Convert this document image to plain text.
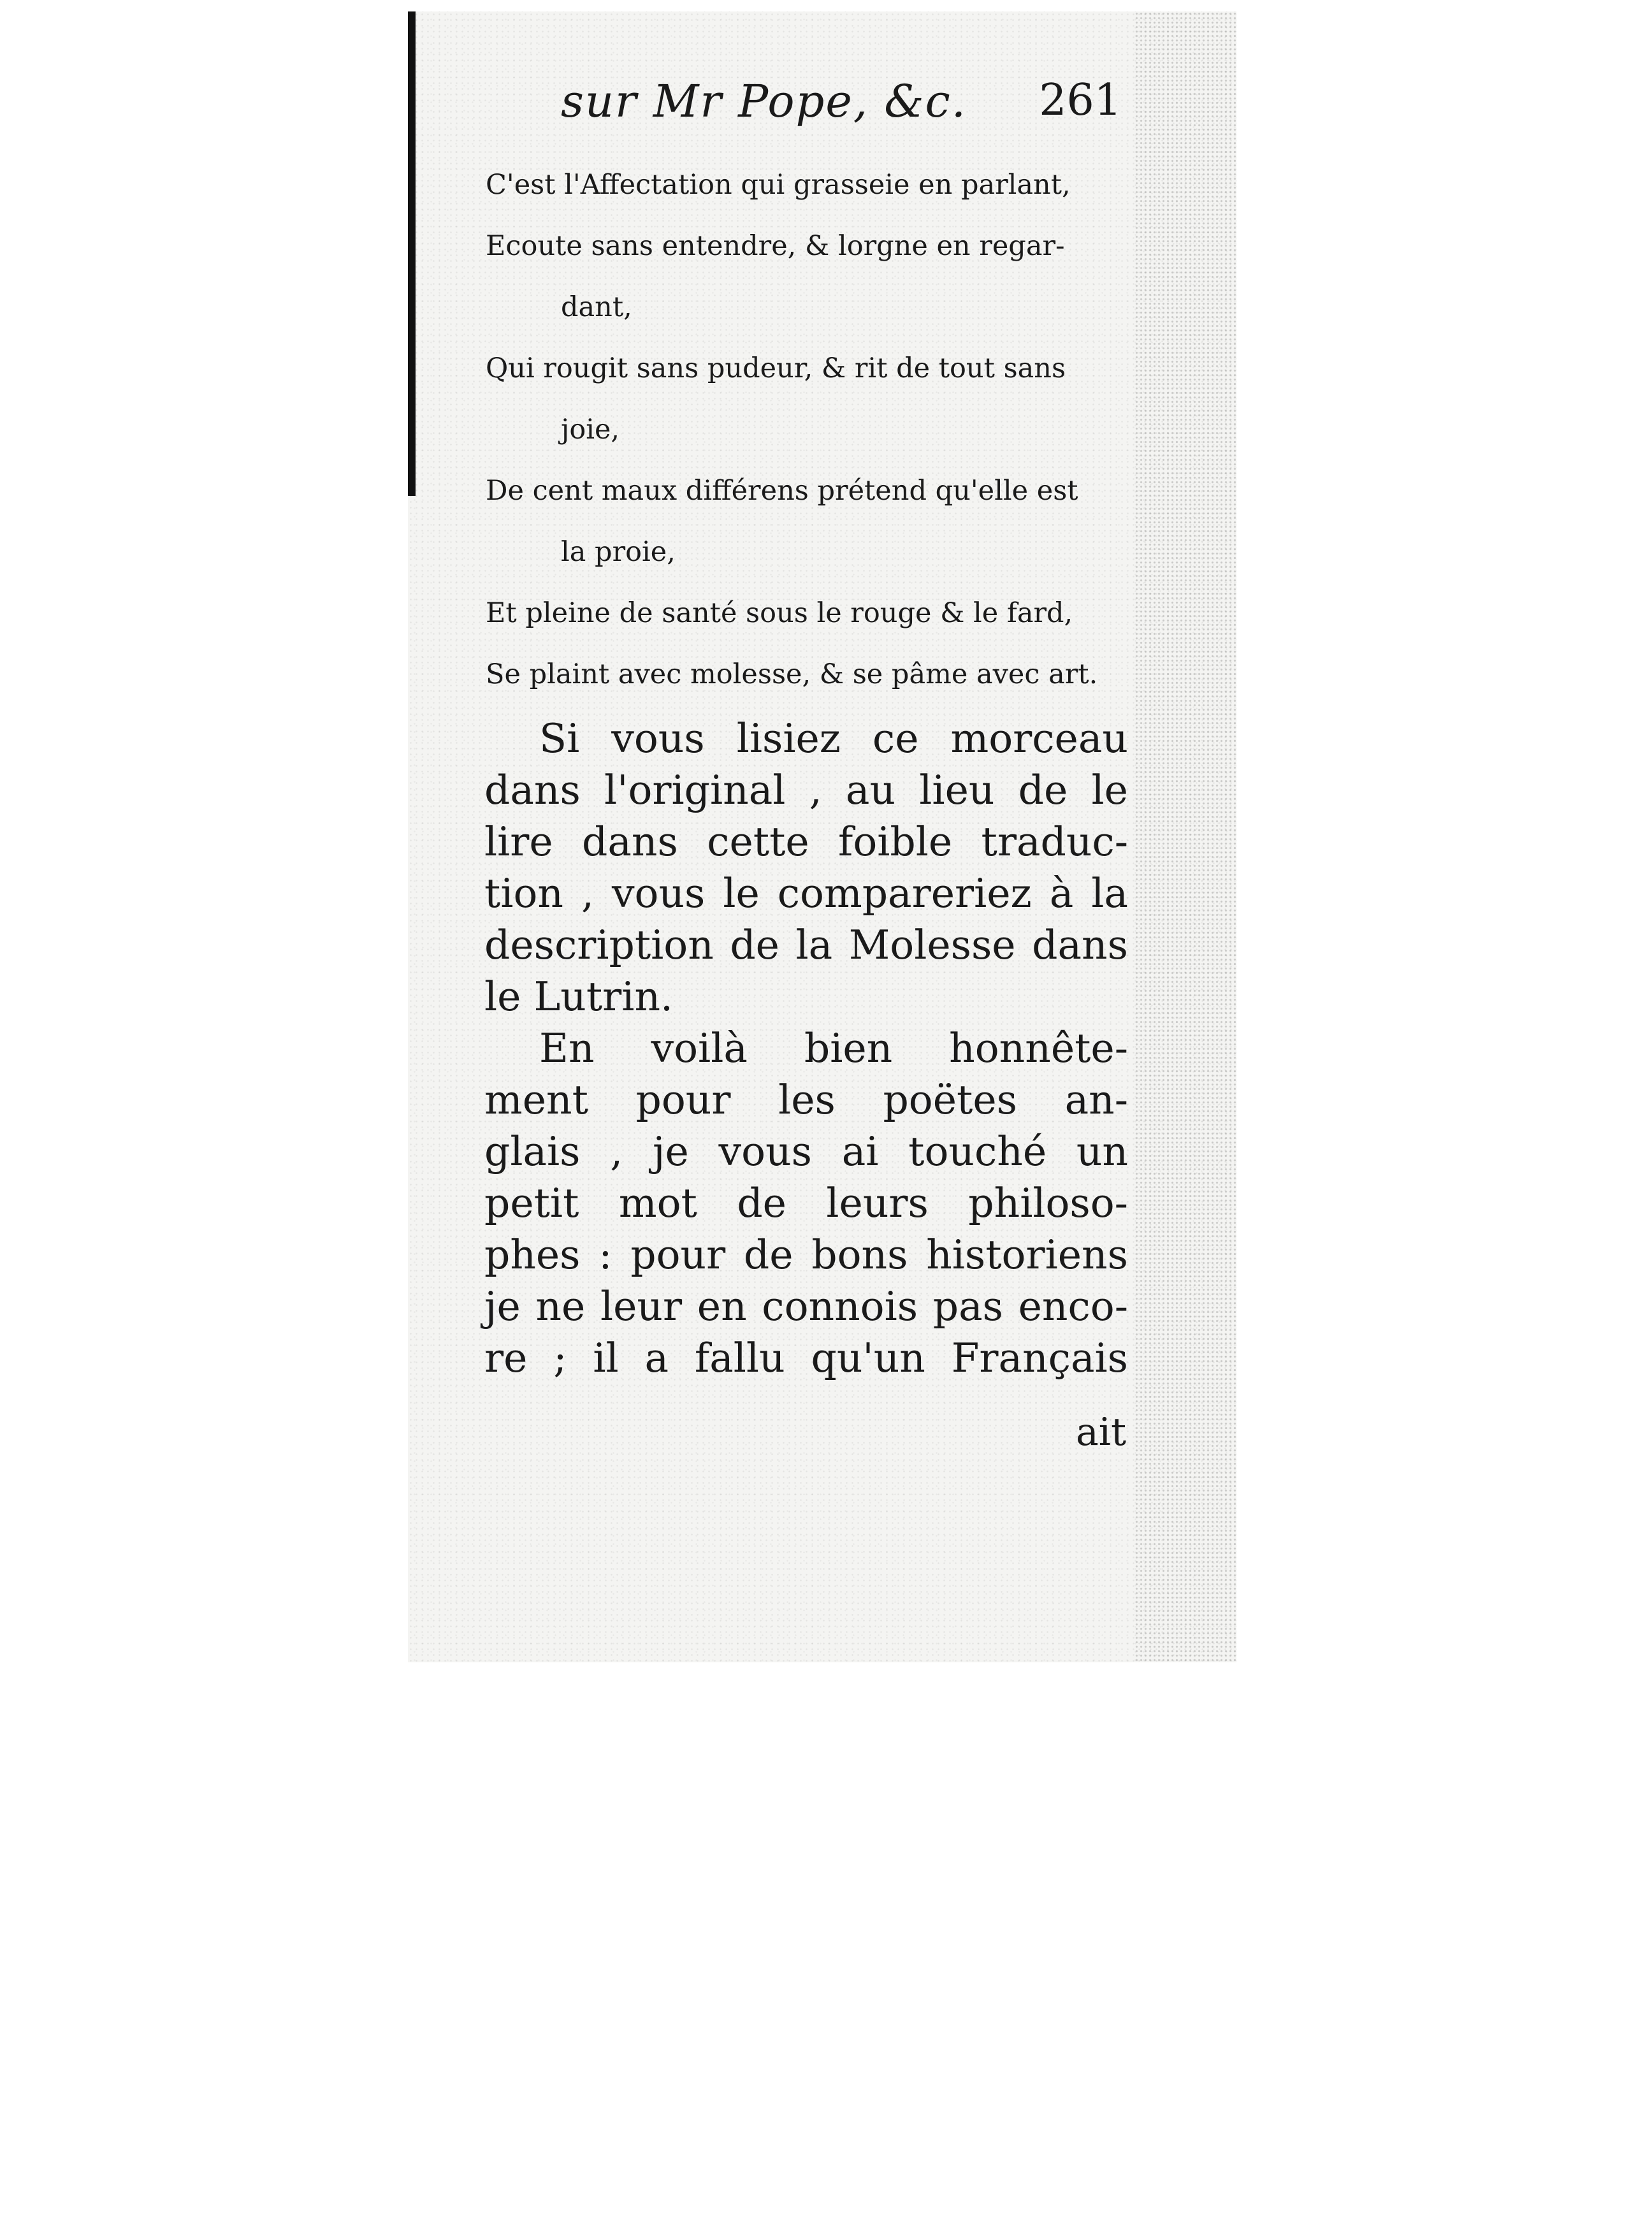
sur Mr Pope, &c. 261
C'est l'Affectation qui grasseie en parlant,
Ecoute sans entendre, & lorgne en regar-
dant,
Qui rougit sans pudeur, & rit de tout sans
joie,
De cent maux différens prétend qu'elle est
la proie,
Et pleine de santé sous le rouge & le fard,
Se plaint avec molesse, & se pâme avec art.
Si vous lisiez ce morceau
dans l'original , au lieu de le
lire dans cette foible traduc-
tion , vous le compareriez à la
description de la Molesse dans
le Lutrin.
En voilà bien honnête-
ment pour les poëtes an-
glais , je vous ai touché un
petit mot de leurs philoso-
phes : pour de bons historiens
je ne leur en connois pas enco-
re ; il a fallu qu'un Français
ait
